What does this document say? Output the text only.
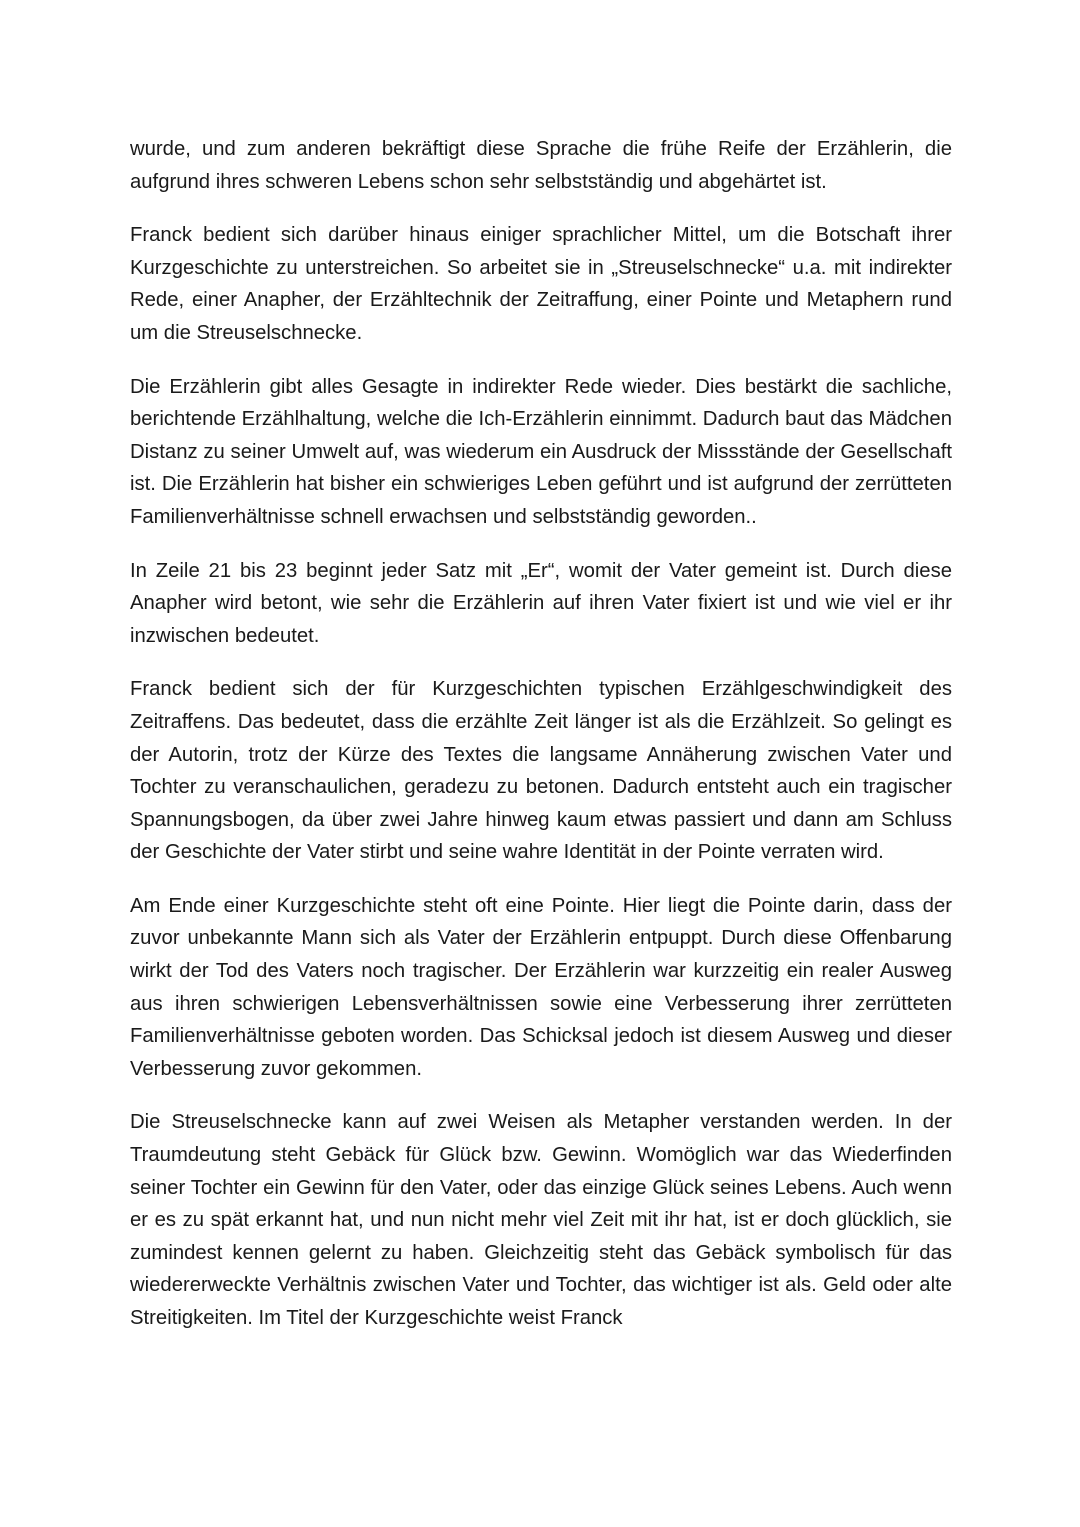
wurde, und zum anderen bekräftigt diese Sprache die frühe Reife der Erzählerin, die aufgrund ihres schweren Lebens schon sehr selbstständig und abgehärtet ist.

Franck bedient sich darüber hinaus einiger sprachlicher Mittel, um die Botschaft ihrer Kurzgeschichte zu unterstreichen. So arbeitet sie in „Streuselschnecke“ u.a. mit indirekter Rede, einer Anapher, der Erzähltechnik der Zeitraffung, einer Pointe und Metaphern rund um die Streuselschnecke.

Die Erzählerin gibt alles Gesagte in indirekter Rede wieder. Dies bestärkt die sachliche, berichtende Erzählhaltung, welche die Ich-Erzählerin einnimmt. Dadurch baut das Mädchen Distanz zu seiner Umwelt auf, was wiederum ein Ausdruck der Missstände der Gesellschaft ist. Die Erzählerin hat bisher ein schwieriges Leben geführt und ist aufgrund der zerrütteten Familienverhältnisse schnell erwachsen und selbstständig geworden..

In Zeile 21 bis 23 beginnt jeder Satz mit „Er“, womit der Vater gemeint ist. Durch diese Anapher wird betont, wie sehr die Erzählerin auf ihren Vater fixiert ist und wie viel er ihr inzwischen bedeutet.

Franck bedient sich der für Kurzgeschichten typischen Erzählgeschwindigkeit des Zeitraffens. Das bedeutet, dass die erzählte Zeit länger ist als die Erzählzeit. So gelingt es der Autorin, trotz der Kürze des Textes die langsame Annäherung zwischen Vater und Tochter zu veranschaulichen, geradezu zu betonen. Dadurch entsteht auch ein tragischer Spannungsbogen, da über zwei Jahre hinweg kaum etwas passiert und dann am Schluss der Geschichte der Vater stirbt und seine wahre Identität in der Pointe verraten wird.

Am Ende einer Kurzgeschichte steht oft eine Pointe. Hier liegt die Pointe darin, dass der zuvor unbekannte Mann sich als Vater der Erzählerin entpuppt. Durch diese Offenbarung wirkt der Tod des Vaters noch tragischer. Der Erzählerin war kurzzeitig ein realer Ausweg aus ihren schwierigen Lebensverhältnissen sowie eine Verbesserung ihrer zerrütteten Familienverhältnisse geboten worden. Das Schicksal jedoch ist diesem Ausweg und dieser Verbesserung zuvor gekommen.

Die Streuselschnecke kann auf zwei Weisen als Metapher verstanden werden. In der Traumdeutung steht Gebäck für Glück bzw. Gewinn. Womöglich war das Wiederfinden seiner Tochter ein Gewinn für den Vater, oder das einzige Glück seines Lebens. Auch wenn er es zu spät erkannt hat, und nun nicht mehr viel Zeit mit ihr hat, ist er doch glücklich, sie zumindest kennen gelernt zu haben. Gleichzeitig steht das Gebäck symbolisch für das wiedererweckte Verhältnis zwischen Vater und Tochter, das wichtiger ist als. Geld oder alte Streitigkeiten. Im Titel der Kurzgeschichte weist Franck
